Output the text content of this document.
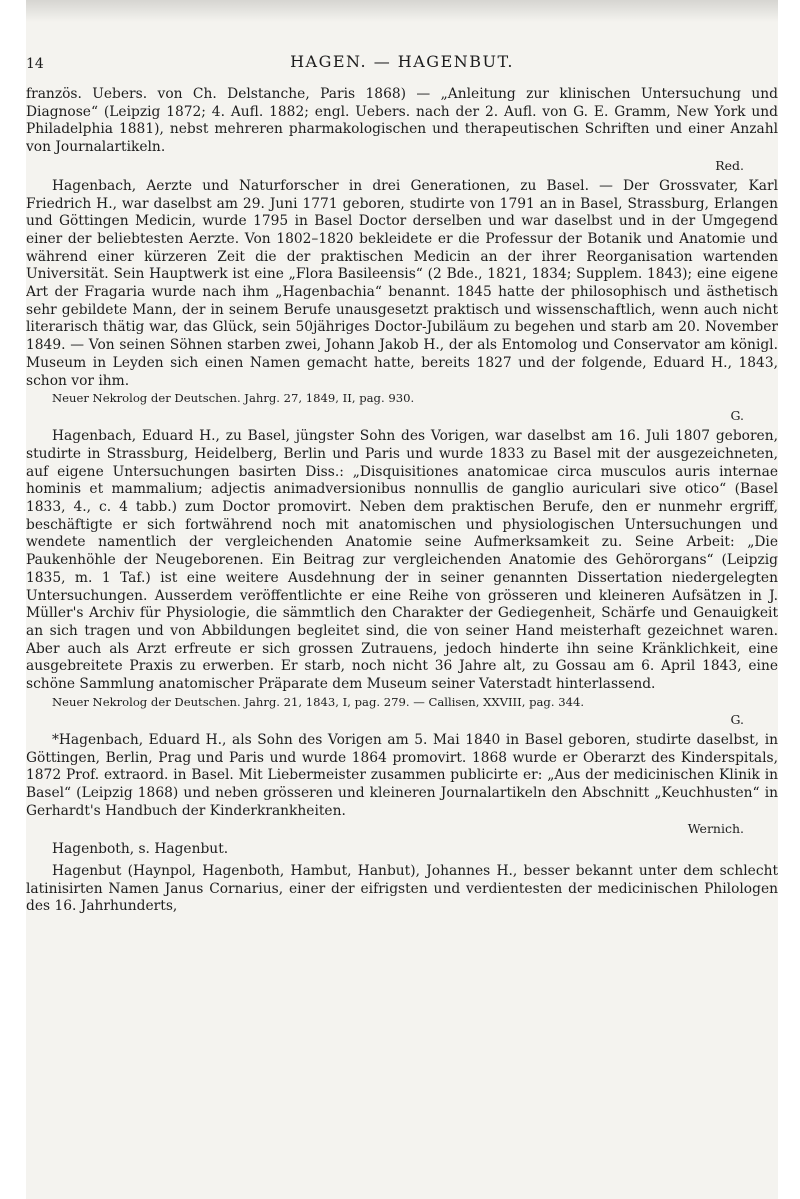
14	HAGEN. — HAGENBUT.

französ. Uebers. von Ch. Delstanche, Paris 1868) — „Anleitung zur klinischen Untersuchung und Diagnose“ (Leipzig 1872; 4. Aufl. 1882; engl. Uebers. nach der 2. Aufl. von G. E. Gramm, New York und Philadelphia 1881), nebst mehreren pharmakologischen und therapeutischen Schriften und einer Anzahl von Journalartikeln.

Red.

Hagenbach, Aerzte und Naturforscher in drei Generationen, zu Basel. — Der Grossvater, Karl Friedrich H., war daselbst am 29. Juni 1771 geboren, studirte von 1791 an in Basel, Strassburg, Erlangen und Göttingen Medicin, wurde 1795 in Basel Doctor derselben und war daselbst und in der Umgegend einer der beliebtesten Aerzte. Von 1802–1820 bekleidete er die Professur der Botanik und Anatomie und während einer kürzeren Zeit die der praktischen Medicin an der ihrer Reorganisation wartenden Universität. Sein Hauptwerk ist eine „Flora Basileensis“ (2 Bde., 1821, 1834; Supplem. 1843); eine eigene Art der Fragaria wurde nach ihm „Hagenbachia“ benannt. 1845 hatte der philosophisch und ästhetisch sehr gebildete Mann, der in seinem Berufe unausgesetzt praktisch und wissenschaftlich, wenn auch nicht literarisch thätig war, das Glück, sein 50jähriges Doctor-Jubiläum zu begehen und starb am 20. November 1849. — Von seinen Söhnen starben zwei, Johann Jakob H., der als Entomolog und Conservator am königl. Museum in Leyden sich einen Namen gemacht hatte, bereits 1827 und der folgende, Eduard H., 1843, schon vor ihm.

Neuer Nekrolog der Deutschen. Jahrg. 27, 1849, II, pag. 930.

G.

Hagenbach, Eduard H., zu Basel, jüngster Sohn des Vorigen, war daselbst am 16. Juli 1807 geboren, studirte in Strassburg, Heidelberg, Berlin und Paris und wurde 1833 zu Basel mit der ausgezeichneten, auf eigene Untersuchungen basirten Diss.: „Disquisitiones anatomicae circa musculos auris internae hominis et mammalium; adjectis animadversionibus nonnullis de ganglio auriculari sive otico“ (Basel 1833, 4., c. 4 tabb.) zum Doctor promovirt. Neben dem praktischen Berufe, den er nunmehr ergriff, beschäftigte er sich fortwährend noch mit anatomischen und physiologischen Untersuchungen und wendete namentlich der vergleichenden Anatomie seine Aufmerksamkeit zu. Seine Arbeit: „Die Paukenhöhle der Neugeborenen. Ein Beitrag zur vergleichenden Anatomie des Gehörorgans“ (Leipzig 1835, m. 1 Taf.) ist eine weitere Ausdehnung der in seiner genannten Dissertation niedergelegten Untersuchungen. Ausserdem veröffentlichte er eine Reihe von grösseren und kleineren Aufsätzen in J. Müller's Archiv für Physiologie, die sämmtlich den Charakter der Gediegenheit, Schärfe und Genauigkeit an sich tragen und von Abbildungen begleitet sind, die von seiner Hand meisterhaft gezeichnet waren. Aber auch als Arzt erfreute er sich grossen Zutrauens, jedoch hinderte ihn seine Kränklichkeit, eine ausgebreitete Praxis zu erwerben. Er starb, noch nicht 36 Jahre alt, zu Gossau am 6. April 1843, eine schöne Sammlung anatomischer Präparate dem Museum seiner Vaterstadt hinterlassend.

Neuer Nekrolog der Deutschen. Jahrg. 21, 1843, I, pag. 279. — Callisen, XXVIII, pag. 344.

G.

*Hagenbach, Eduard H., als Sohn des Vorigen am 5. Mai 1840 in Basel geboren, studirte daselbst, in Göttingen, Berlin, Prag und Paris und wurde 1864 promovirt. 1868 wurde er Oberarzt des Kinderspitals, 1872 Prof. extraord. in Basel. Mit Liebermeister zusammen publicirte er: „Aus der medicinischen Klinik in Basel“ (Leipzig 1868) und neben grösseren und kleineren Journalartikeln den Abschnitt „Keuchhusten“ in Gerhardt's Handbuch der Kinderkrankheiten.

Wernich.

Hagenboth, s. Hagenbut.

Hagenbut (Haynpol, Hagenboth, Hambut, Hanbut), Johannes H., besser bekannt unter dem schlecht latinisirten Namen Janus Cornarius, einer der eifrigsten und verdientesten der medicinischen Philologen des 16. Jahrhunderts,
